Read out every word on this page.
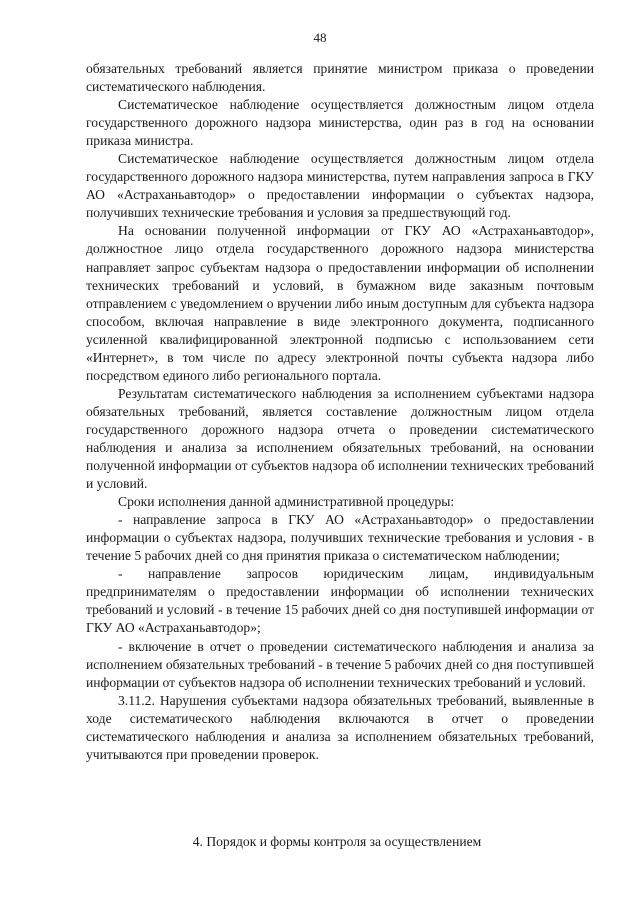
48

обязательных требований является принятие министром приказа о проведении систематического наблюдения.

Систематическое наблюдение осуществляется должностным лицом отдела государственного дорожного надзора министерства, один раз в год на основании приказа министра.

Систематическое наблюдение осуществляется должностным лицом отдела государственного дорожного надзора министерства, путем направления запроса в ГКУ АО «Астраханьавтодор» о предоставлении информации о субъектах надзора, получивших технические требования и условия за предшествующий год.

На основании полученной информации от ГКУ АО «Астраханьавтодор», должностное лицо отдела государственного дорожного надзора министерства направляет запрос субъектам надзора о предоставлении информации об исполнении технических требований и условий, в бумажном виде заказным почтовым отправлением с уведомлением о вручении либо иным доступным для субъекта надзора способом, включая направление в виде электронного документа, подписанного усиленной квалифицированной электронной подписью с использованием сети «Интернет», в том числе по адресу электронной почты субъекта надзора либо посредством единого либо регионального портала.

Результатам систематического наблюдения за исполнением субъектами надзора обязательных требований, является составление должностным лицом отдела государственного дорожного надзора отчета о проведении систематического наблюдения и анализа за исполнением обязательных требований, на основании полученной информации от субъектов надзора об исполнении технических требований и условий.

Сроки исполнения данной административной процедуры:

- направление запроса в ГКУ АО «Астраханьавтодор» о предоставлении информации о субъектах надзора, получивших технические требования и условия - в течение 5 рабочих дней со дня принятия приказа о систематическом наблюдении;

- направление запросов юридическим лицам, индивидуальным предпринимателям о предоставлении информации об исполнении технических требований и условий - в течение 15 рабочих дней со дня поступившей информации от ГКУ АО «Астраханьавтодор»;

- включение в отчет о проведении систематического наблюдения и анализа за исполнением обязательных требований - в течение 5 рабочих дней со дня поступившей информации от субъектов надзора об исполнении технических требований и условий.

3.11.2. Нарушения субъектами надзора обязательных требований, выявленные в ходе систематического наблюдения включаются в отчет о проведении систематического наблюдения и анализа за исполнением обязательных требований, учитываются при проведении проверок.

4. Порядок и формы контроля за осуществлением
